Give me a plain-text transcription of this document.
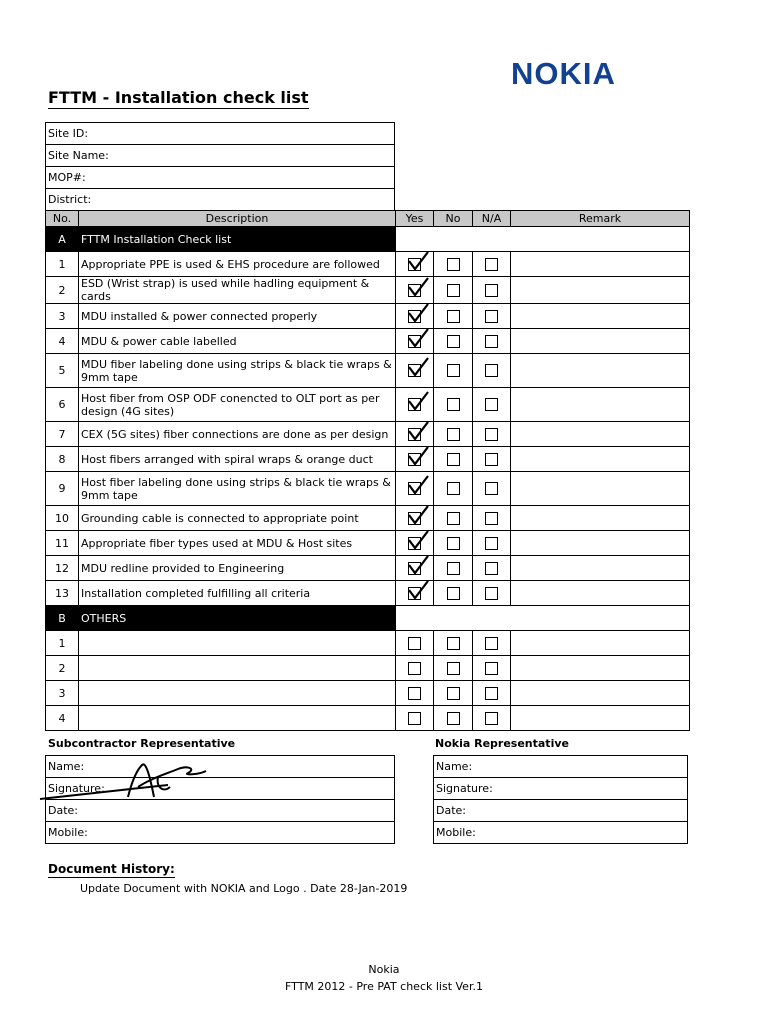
NOKIA
FTTM - Installation check list
Site ID:
Site Name:
MOP#:
District:
No.	Description	Yes	No	N/A	Remark
A	FTTM Installation Check list				
1	Appropriate PPE is used & EHS procedure are followed	

2	ESD (Wrist strap) is used while hadling equipment & cards	

3	MDU installed & power connected properly	

4	MDU & power cable labelled	

5	MDU fiber labeling done using strips & black tie wraps & 9mm tape	

6	Host fiber from OSP ODF conencted to OLT port as per design (4G sites)	

7	CEX (5G sites) fiber connections are done as per design	

8	Host fibers arranged with spiral wraps & orange duct	

9	Host fiber labeling done using strips & black tie wraps & 9mm tape	

10	Grounding cable is connected to appropriate point	

11	Appropriate fiber types used at MDU & Host sites	

12	MDU redline provided to Engineering	

13	Installation completed fulfilling all criteria	

B	OTHERS				
1					
2					
3					
4					
Subcontractor Representative
Name:
Signature:
Date:
Mobile:
Nokia Representative
Name:
Signature:
Date:
Mobile:
Document History:
Update Document with NOKIA and Logo . Date 28-Jan-2019
Nokia
FTTM 2012 - Pre PAT check list Ver.1
